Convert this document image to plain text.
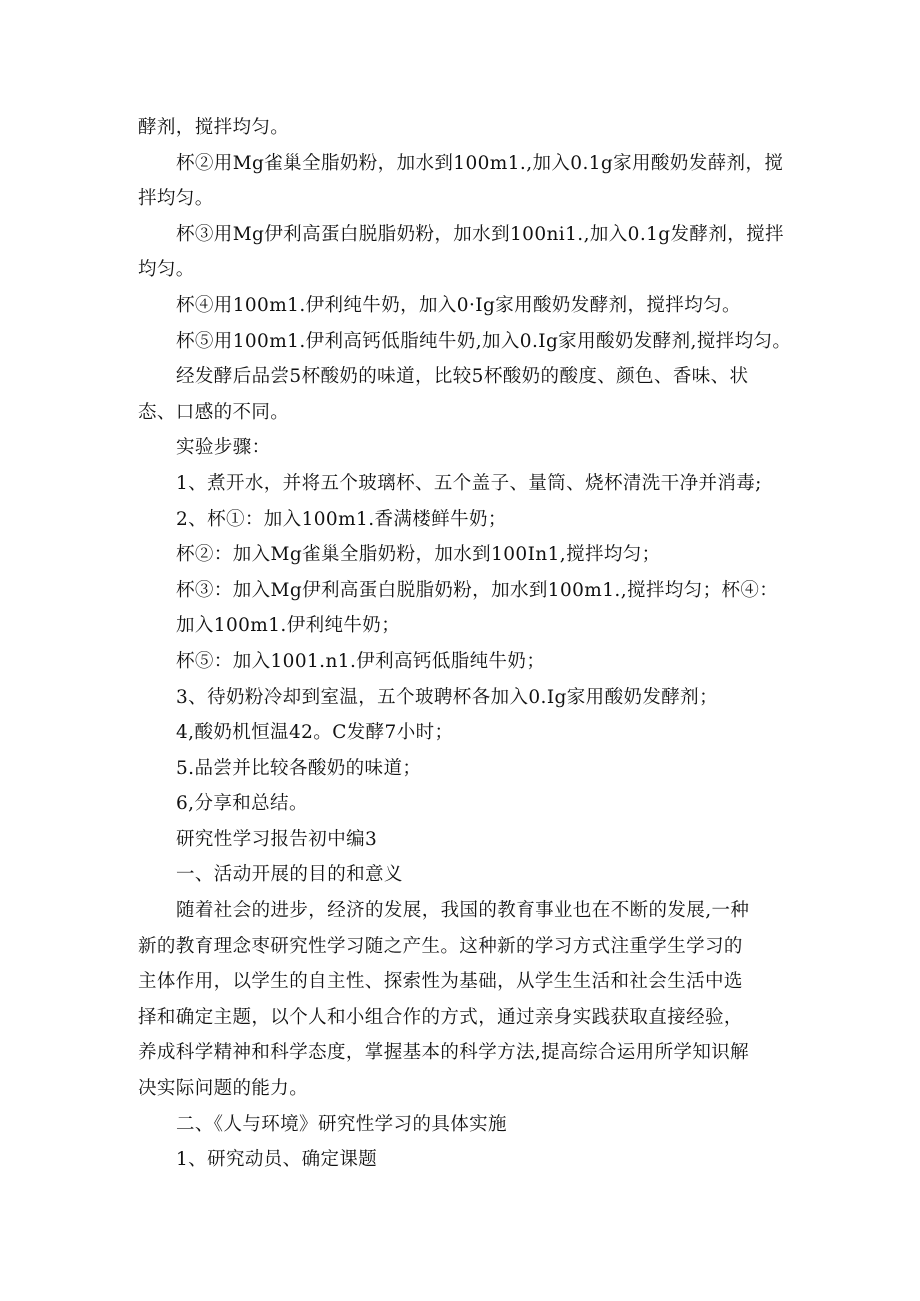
酵剂，搅拌均匀。
杯②用Mg雀巢全脂奶粉，加水到100m1.,加入0.1g家用酸奶发薛剂，搅
拌均匀。
杯③用Mg伊利高蛋白脱脂奶粉，加水到100ni1.,加入0.1g发酵剂，搅拌
均匀。
杯④用100m1.伊利纯牛奶，加入0·Ig家用酸奶发酵剂，搅拌均匀。
杯⑤用100m1.伊利高钙低脂纯牛奶,加入0.Ig家用酸奶发酵剂,搅拌均匀。
经发酵后品尝5杯酸奶的味道，比较5杯酸奶的酸度、颜色、香味、状
态、口感的不同。
实验步骤：
1、煮开水，并将五个玻璃杯、五个盖子、量筒、烧杯清洗干净并消毒;
2、杯①：加入100m1.香满楼鲜牛奶；
杯②：加入Mg雀巢全脂奶粉，加水到100In1,搅拌均匀；
杯③：加入Mg伊利高蛋白脱脂奶粉，加水到100m1.,搅拌均匀；杯④：
加入100m1.伊利纯牛奶；
杯⑤：加入1001.n1.伊利高钙低脂纯牛奶；
3、待奶粉冷却到室温，五个玻聘杯各加入0.Ig家用酸奶发酵剂；
4,酸奶机恒温42。C发酵7小时；
5.品尝并比较各酸奶的味道；
6,分享和总结。
研究性学习报告初中编3
一、活动开展的目的和意义
随着社会的进步，经济的发展，我国的教育事业也在不断的发展,一种
新的教育理念枣研究性学习随之产生。这种新的学习方式注重学生学习的
主体作用，以学生的自主性、探索性为基础，从学生生活和社会生活中选
择和确定主题，以个人和小组合作的方式，通过亲身实践获取直接经验，
养成科学精神和科学态度，掌握基本的科学方法,提高综合运用所学知识解
决实际问题的能力。
二、《人与环境》研究性学习的具体实施
1、研究动员、确定课题
